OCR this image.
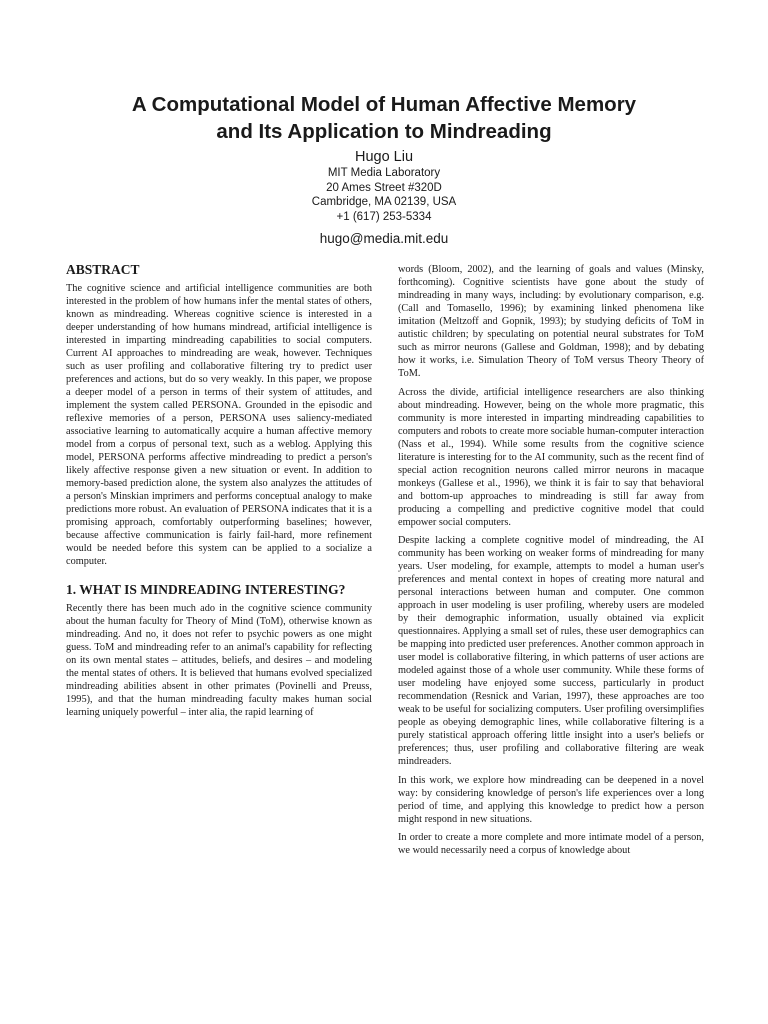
A Computational Model of Human Affective Memory
and Its Application to Mindreading

Hugo Liu

MIT Media Laboratory

20 Ames Street #320D

Cambridge, MA 02139, USA

+1 (617) 253-5334

hugo@media.mit.edu
ABSTRACT

The cognitive science and artificial intelligence communities are both interested in the problem of how humans infer the mental states of others, known as mindreading. Whereas cognitive science is interested in a deeper understanding of how humans mindread, artificial intelligence is interested in imparting mindreading capabilities to social computers. Current AI approaches to mindreading are weak, however. Techniques such as user profiling and collaborative filtering try to predict user preferences and actions, but do so very weakly. In this paper, we propose a deeper model of a person in terms of their system of attitudes, and implement the system called PERSONA. Grounded in the episodic and reflexive memories of a person, PERSONA uses saliency-mediated associative learning to automatically acquire a human affective memory model from a corpus of personal text, such as a weblog. Applying this model, PERSONA performs affective mindreading to predict a person's likely affective response given a new situation or event. In addition to memory-based prediction alone, the system also analyzes the attitudes of a person's Minskian imprimers and performs conceptual analogy to make predictions more robust. An evaluation of PERSONA indicates that it is a promising approach, comfortably outperforming baselines; however, because affective communication is fairly fail-hard, more refinement would be needed before this system can be applied to a socialize a computer.

1. WHAT IS MINDREADING INTERESTING?

Recently there has been much ado in the cognitive science community about the human faculty for Theory of Mind (ToM), otherwise known as mindreading. And no, it does not refer to psychic powers as one might guess. ToM and mindreading refer to an animal's capability for reflecting on its own mental states – attitudes, beliefs, and desires – and modeling the mental states of others. It is believed that humans evolved specialized mindreading abilities absent in other primates (Povinelli and Preuss, 1995), and that the human mindreading faculty makes human social learning uniquely powerful – inter alia, the rapid learning of

words (Bloom, 2002), and the learning of goals and values (Minsky, forthcoming). Cognitive scientists have gone about the study of mindreading in many ways, including: by evolutionary comparison, e.g. (Call and Tomasello, 1996); by examining linked phenomena like imitation (Meltzoff and Gopnik, 1993); by studying deficits of ToM in autistic children; by speculating on potential neural substrates for ToM such as mirror neurons (Gallese and Goldman, 1998); and by debating how it works, i.e. Simulation Theory of ToM versus Theory Theory of ToM.

Across the divide, artificial intelligence researchers are also thinking about mindreading. However, being on the whole more pragmatic, this community is more interested in imparting mindreading capabilities to computers and robots to create more sociable human-computer interaction (Nass et al., 1994). While some results from the cognitive science literature is interesting for to the AI community, such as the recent find of special action recognition neurons called mirror neurons in macaque monkeys (Gallese et al., 1996), we think it is fair to say that behavioral and bottom-up approaches to mindreading is still far away from producing a compelling and predictive cognitive model that could empower social computers.

Despite lacking a complete cognitive model of mindreading, the AI community has been working on weaker forms of mindreading for many years. User modeling, for example, attempts to model a human user's preferences and mental context in hopes of creating more natural and personal interactions between human and computer. One common approach in user modeling is user profiling, whereby users are modeled by their demographic information, usually obtained via explicit questionnaires. Applying a small set of rules, these user demographics can be mapping into predicted user preferences. Another common approach in user model is collaborative filtering, in which patterns of user actions are modeled against those of a whole user community. While these forms of user modeling have enjoyed some success, particularly in product recommendation (Resnick and Varian, 1997), these approaches are too weak to be useful for socializing computers. User profiling oversimplifies people as obeying demographic lines, while collaborative filtering is a purely statistical approach offering little insight into a user's beliefs or preferences; thus, user profiling and collaborative filtering are weak mindreaders.

In this work, we explore how mindreading can be deepened in a novel way: by considering knowledge of person's life experiences over a long period of time, and applying this knowledge to predict how a person might respond in new situations.

In order to create a more complete and more intimate model of a person, we would necessarily need a corpus of knowledge about
